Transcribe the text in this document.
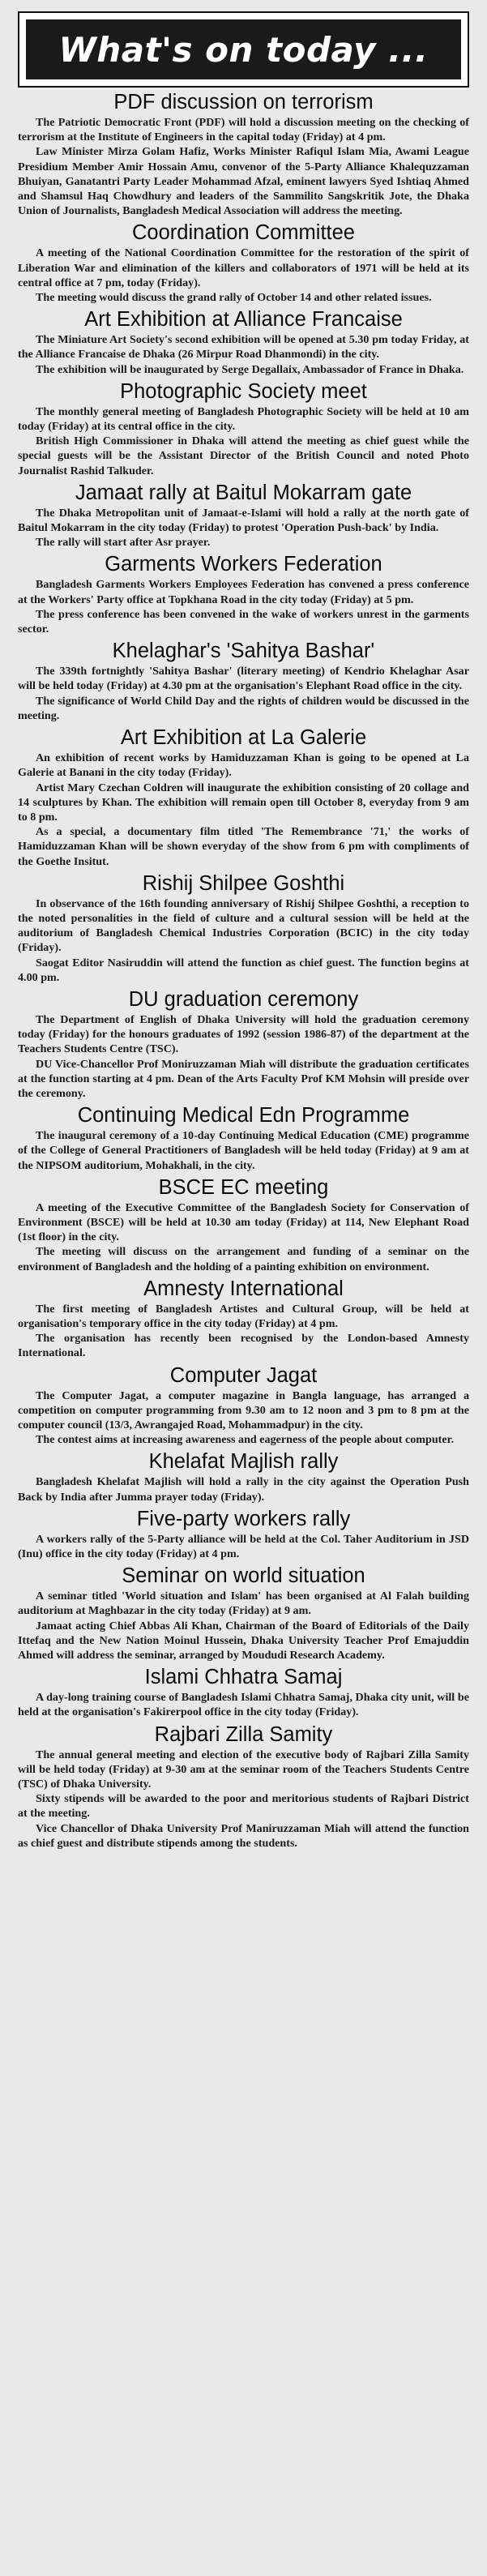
What's on today ...
PDF discussion on terrorism

The Patriotic Democratic Front (PDF) will hold a discussion meeting on the checking of terrorism at the Institute of Engineers in the capital today (Friday) at 4 pm.

Law Minister Mirza Golam Hafiz, Works Minister Rafiqul Islam Mia, Awami League Presidium Member Amir Hossain Amu, convenor of the 5-Party Alliance Khalequzzaman Bhuiyan, Ganatantri Party Leader Mohammad Afzal, eminent lawyers Syed Ishtiaq Ahmed and Shamsul Haq Chowdhury and leaders of the Sammilito Sangskritik Jote, the Dhaka Union of Journalists, Bangladesh Medical Association will address the meeting.

Coordination Committee

A meeting of the National Coordination Committee for the restoration of the spirit of Liberation War and elimination of the killers and collaborators of 1971 will be held at its central office at 7 pm, today (Friday).

The meeting would discuss the grand rally of October 14 and other related issues.

Art Exhibition at Alliance Francaise

The Miniature Art Society's second exhibition will be opened at 5.30 pm today Friday, at the Alliance Francaise de Dhaka (26 Mirpur Road Dhanmondi) in the city.

The exhibition will be inaugurated by Serge Degallaix, Ambassador of France in Dhaka.

Photographic Society meet

The monthly general meeting of Bangladesh Photographic Society will be held at 10 am today (Friday) at its central office in the city.

British High Commissioner in Dhaka will attend the meeting as chief guest while the special guests will be the Assistant Director of the British Council and noted Photo Journalist Rashid Talkuder.

Jamaat rally at Baitul Mokarram gate

The Dhaka Metropolitan unit of Jamaat-e-Islami will hold a rally at the north gate of Baitul Mokarram in the city today (Friday) to protest 'Operation Push-back' by India.

The rally will start after Asr prayer.

Garments Workers Federation

Bangladesh Garments Workers Employees Federation has convened a press conference at the Workers' Party office at Topkhana Road in the city today (Friday) at 5 pm.

The press conference has been convened in the wake of workers unrest in the garments sector.

Khelaghar's 'Sahitya Bashar'

The 339th fortnightly 'Sahitya Bashar' (literary meeting) of Kendrio Khelaghar Asar will be held today (Friday) at 4.30 pm at the organisation's Elephant Road office in the city.

The significance of World Child Day and the rights of children would be discussed in the meeting.

Art Exhibition at La Galerie

An exhibition of recent works by Hamiduzzaman Khan is going to be opened at La Galerie at Banani in the city today (Friday).

Artist Mary Czechan Coldren will inaugurate the exhibition consisting of 20 collage and 14 sculptures by Khan. The exhibition will remain open till October 8, everyday from 9 am to 8 pm.

As a special, a documentary film titled 'The Remembrance '71,' the works of Hamiduzzaman Khan will be shown everyday of the show from 6 pm with compliments of the Goethe Insitut.

Rishij Shilpee Goshthi

In observance of the 16th founding anniversary of Rishij Shilpee Goshthi, a reception to the noted personalities in the field of culture and a cultural session will be held at the auditorium of Bangladesh Chemical Industries Corporation (BCIC) in the city today (Friday).

Saogat Editor Nasiruddin will attend the function as chief guest. The function begins at 4.00 pm.

DU graduation ceremony

The Department of English of Dhaka University will hold the graduation ceremony today (Friday) for the honours graduates of 1992 (session 1986-87) of the department at the Teachers Students Centre (TSC).

DU Vice-Chancellor Prof Moniruzzaman Miah will distribute the graduation certificates at the function starting at 4 pm. Dean of the Arts Faculty Prof KM Mohsin will preside over the ceremony.

Continuing Medical Edn Programme

The inaugural ceremony of a 10-day Continuing Medical Education (CME) programme of the College of General Practitioners of Bangladesh will be held today (Friday) at 9 am at the NIPSOM auditorium, Mohakhali, in the city.

BSCE EC meeting

A meeting of the Executive Committee of the Bangladesh Society for Conservation of Environment (BSCE) will be held at 10.30 am today (Friday) at 114, New Elephant Road (1st floor) in the city.

The meeting will discuss on the arrangement and funding of a seminar on the environment of Bangladesh and the holding of a painting exhibition on environment.

Amnesty International

The first meeting of Bangladesh Artistes and Cultural Group, will be held at organisation's temporary office in the city today (Friday) at 4 pm.

The organisation has recently been recognised by the London-based Amnesty International.

Computer Jagat

The Computer Jagat, a computer magazine in Bangla language, has arranged a competition on computer programming from 9.30 am to 12 noon and 3 pm to 8 pm at the computer council (13/3, Awrangajed Road, Mohammadpur) in the city.

The contest aims at increasing awareness and eagerness of the people about computer.

Khelafat Majlish rally

Bangladesh Khelafat Majlish will hold a rally in the city against the Operation Push Back by India after Jumma prayer today (Friday).

Five-party workers rally

A workers rally of the 5-Party alliance will be held at the Col. Taher Auditorium in JSD (Inu) office in the city today (Friday) at 4 pm.

Seminar on world situation

A seminar titled 'World situation and Islam' has been organised at Al Falah building auditorium at Maghbazar in the city today (Friday) at 9 am.

Jamaat acting Chief Abbas Ali Khan, Chairman of the Board of Editorials of the Daily Ittefaq and the New Nation Moinul Hussein, Dhaka University Teacher Prof Emajuddin Ahmed will address the seminar, arranged by Moududi Research Academy.

Islami Chhatra Samaj

A day-long training course of Bangladesh Islami Chhatra Samaj, Dhaka city unit, will be held at the organisation's Fakirerpool office in the city today (Friday).

Rajbari Zilla Samity

The annual general meeting and election of the executive body of Rajbari Zilla Samity will be held today (Friday) at 9-30 am at the seminar room of the Teachers Students Centre (TSC) of Dhaka University.

Sixty stipends will be awarded to the poor and meritorious students of Rajbari District at the meeting.

Vice Chancellor of Dhaka University Prof Maniruzzaman Miah will attend the function as chief guest and distribute stipends among the students.
